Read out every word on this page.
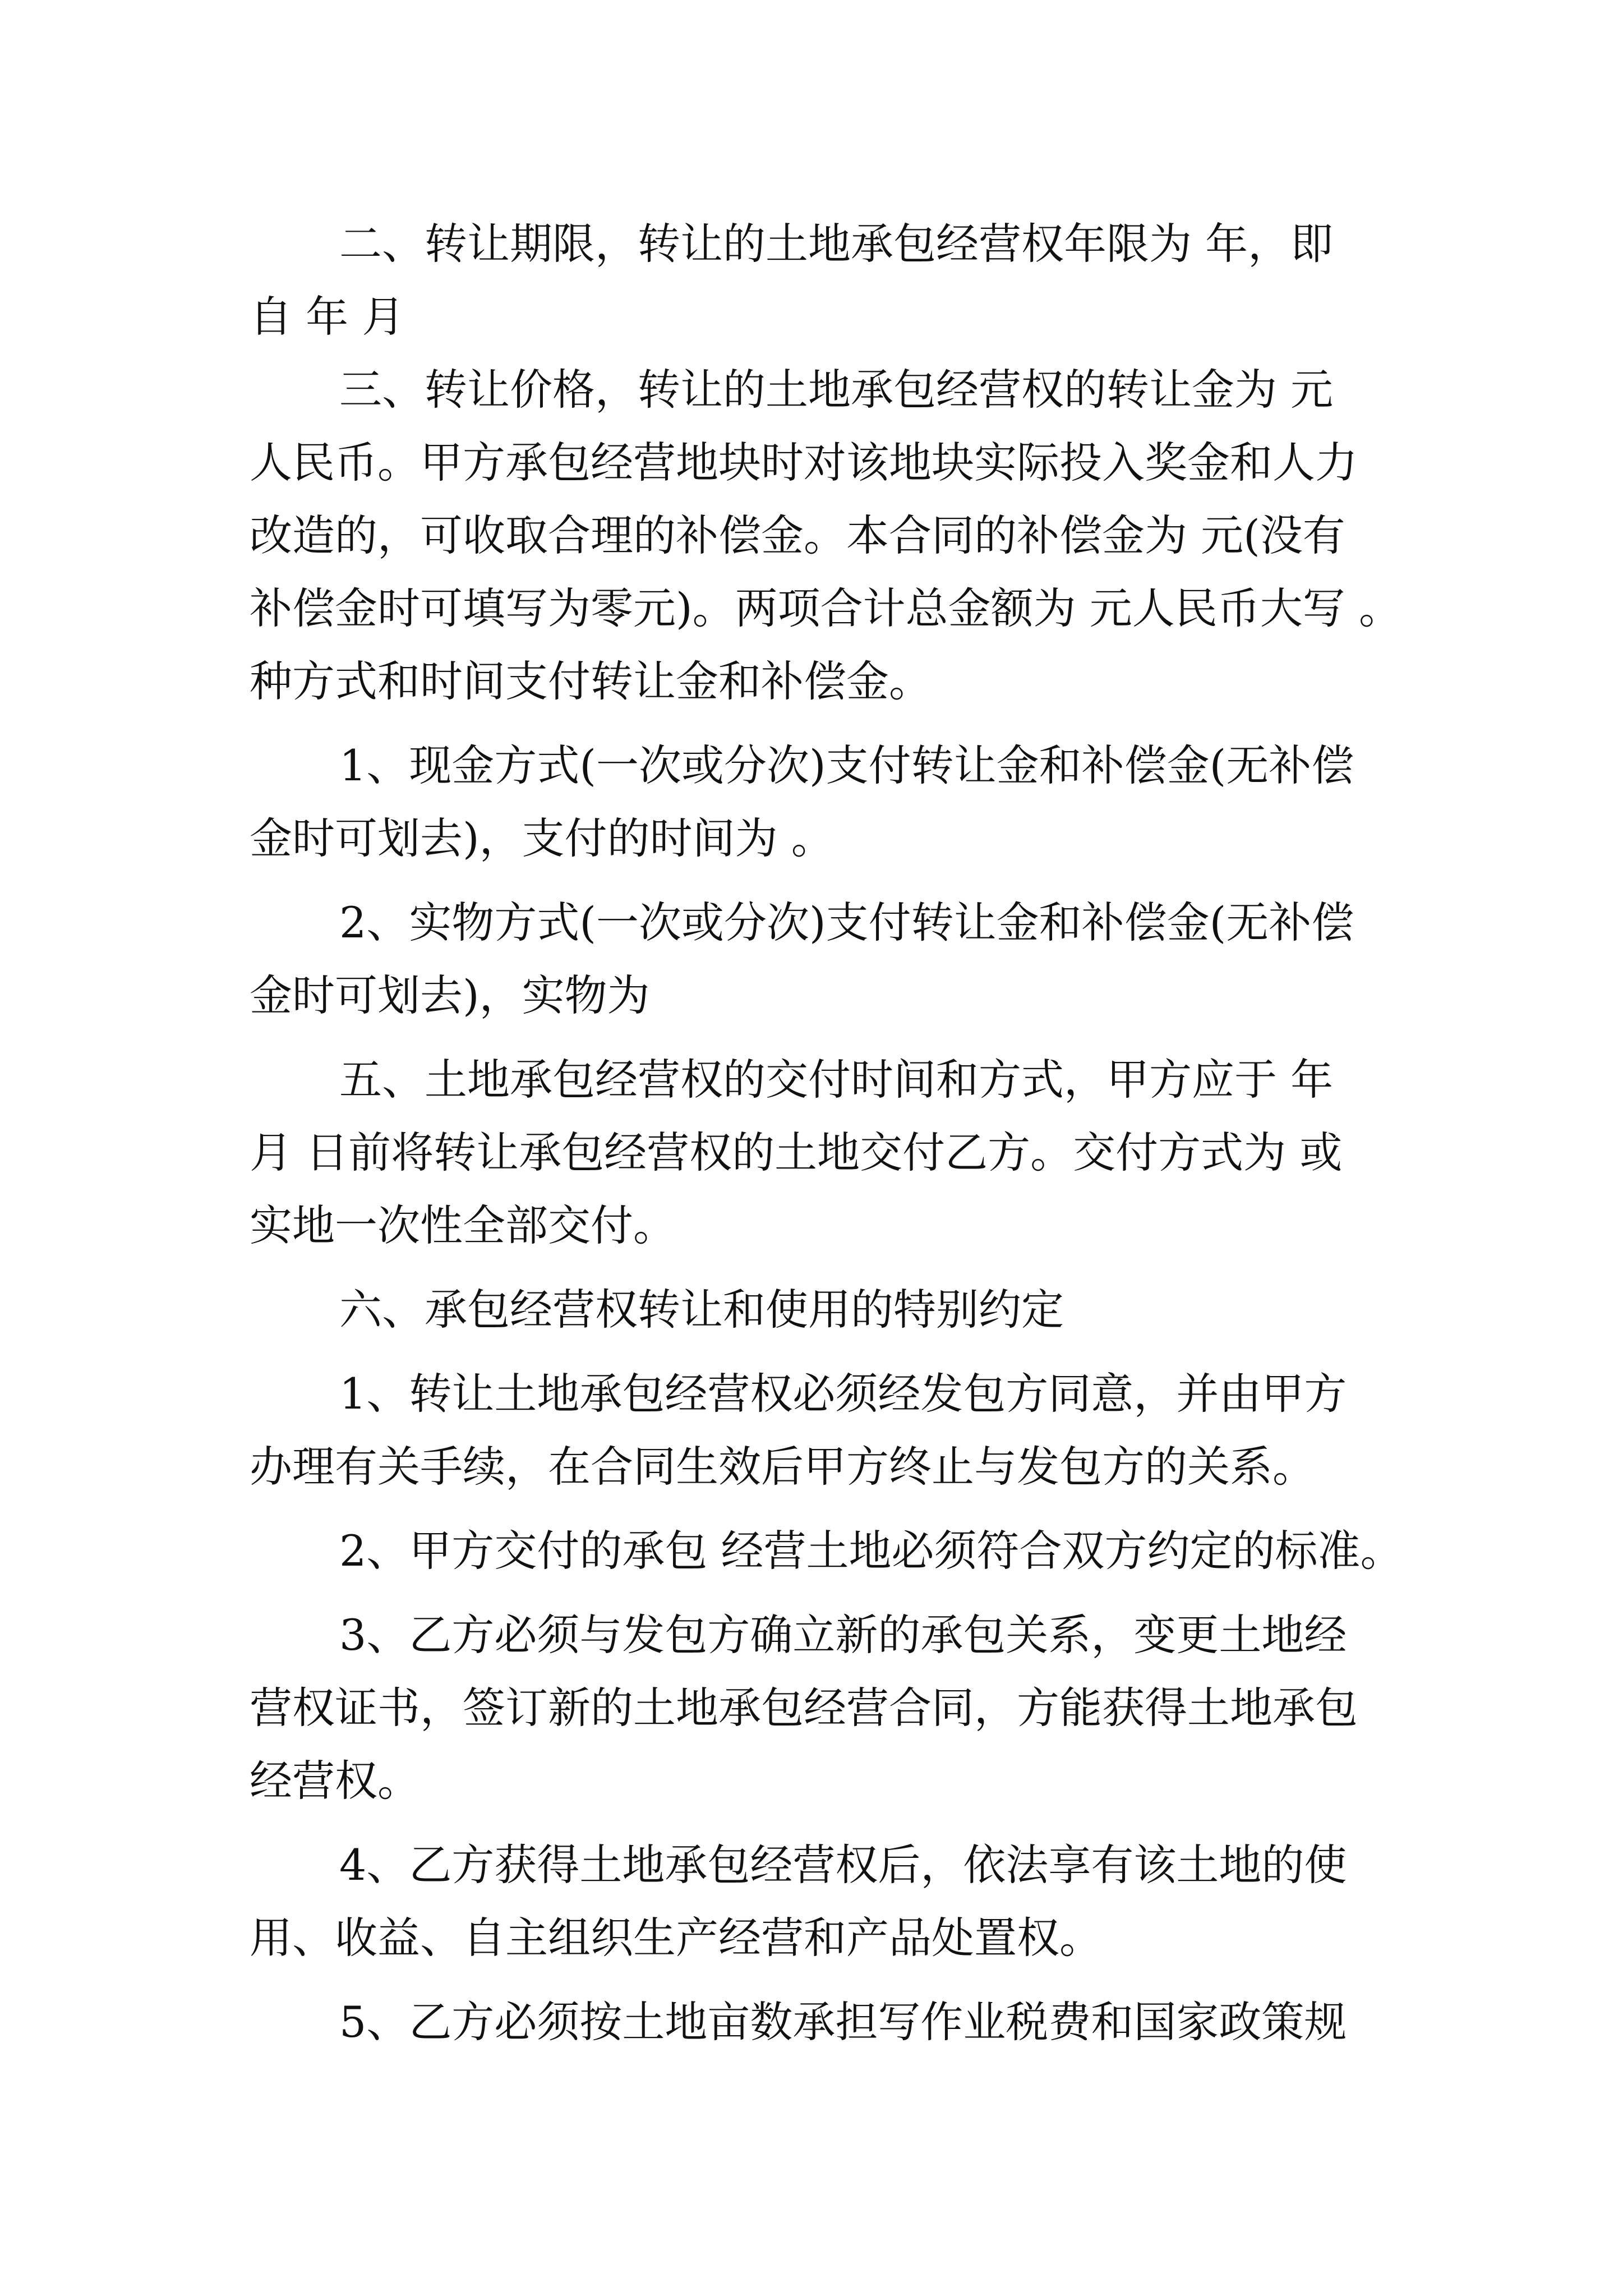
二、转让期限，转让的土地承包经营权年限为 年，即
自 年 月
三、转让价格，转让的土地承包经营权的转让金为 元
人民币。甲方承包经营地块时对该地块实际投入奖金和人力
改造的，可收取合理的补偿金。本合同的补偿金为 元(没有
补偿金时可填写为零元)。两项合计总金额为 元人民币大写 。
种方式和时间支付转让金和补偿金。
1、现金方式(一次或分次)支付转让金和补偿金(无补偿
金时可划去)，支付的时间为 。
2、实物方式(一次或分次)支付转让金和补偿金(无补偿
金时可划去)，实物为
五、土地承包经营权的交付时间和方式，甲方应于 年
月 日前将转让承包经营权的土地交付乙方。交付方式为 或
实地一次性全部交付。
六、承包经营权转让和使用的特别约定
1、转让土地承包经营权必须经发包方同意，并由甲方
办理有关手续，在合同生效后甲方终止与发包方的关系。
2、甲方交付的承包 经营土地必须符合双方约定的标准。
3、乙方必须与发包方确立新的承包关系，变更土地经
营权证书，签订新的土地承包经营合同，方能获得土地承包
经营权。
4、乙方获得土地承包经营权后，依法享有该土地的使
用、收益、自主组织生产经营和产品处置权。
5、乙方必须按土地亩数承担写作业税费和国家政策规
